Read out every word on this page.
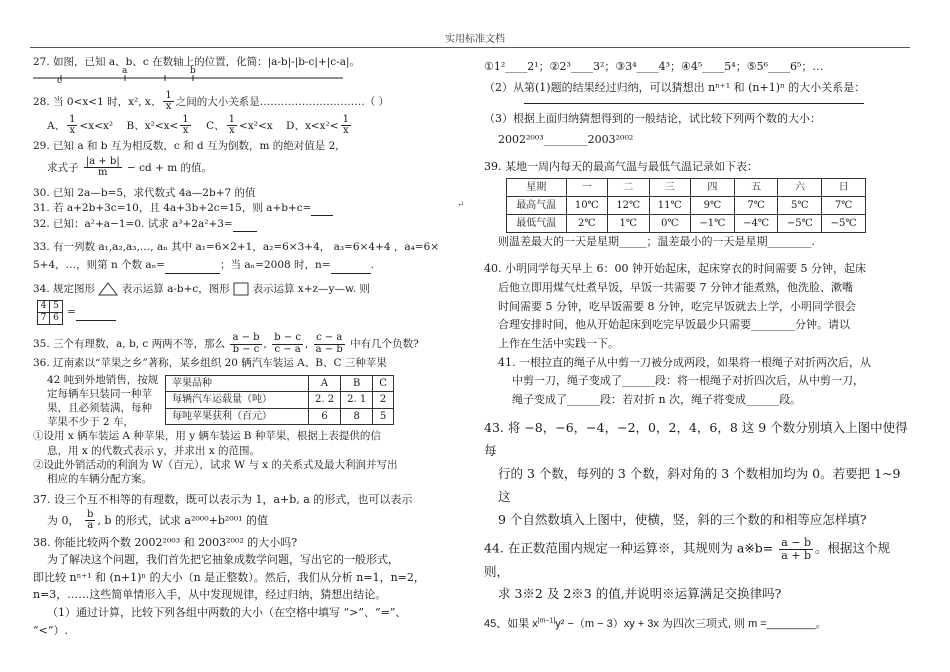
实用标准文档
27. 如图，已知 a、b、c 在数轴上的位置，化简：|a-b|-|b-c|+|c-a|。
c
a	b
28. 当 0<x<1 时，x², x、 $\frac{1}{x}$ 之间的大小关系是…………………………（ ）
A、 $\frac{1}{x} <x<x^2$ B、$x^2<x< \frac{1}{x}$ C、 $\frac{1}{x} <x^2<x$ D、$x<x^2< \frac{1}{x}$
29. 已知 a 和 b 互为相反数，c 和 d 互为倒数，m 的绝对值是 2,
求式子 $\frac{|a + b|}{m}$ − cd + m 的值。
30. 已知 2a—b=5，求代数式 4a—2b+7 的值
31. 若 a+2b+3c=10，且 4a+3b+2c=15，则 a+b+c=
32. 已知：a²+a−1=0. 试求 a³+2a²+3=
33. 有一列数 a₁,a₂,a₃,…, aₙ 其中 a₁=6×2+1，a₂=6×3+4， a₃=6×4+4 ，a₄=6×
5+4，…，则第 n 个数 aₙ=	；当 aₙ=2008 时，n=	.
34. 规定图形	表示运算 a-b+c，图形 表示运算 x+z—y—w. 则
4 5
7 6
=

35. 三个有理数，a, b, c 两两不等，那么 $\frac{a - b}{b - c}$ , $\frac{b - c}{c - a}$ , $\frac{c - a}{a - b}$ 中有几个负数?
36. 辽南素以“苹果之乡”著称，某乡组织 20 辆汽车装运 A、B、C 三种苹果
42 吨到外地销售，按规
定每辆车只装同一种苹
果，且必须装满，每种
苹果不少于 2 车，
苹果品种	A	B	C
每辆汽车运载量（吨）	2. 2	2. 1	2
每吨苹果获利（百元）	6	8	5
①设用 x 辆车装运 A 种苹果，用 y 辆车装运 B 种苹果，根据上表提供的信
息，用 x 的代数式表示 y，并求出 x 的范围。
②设此外销活动的利润为 W（百元），试求 W 与 x 的关系式及最大利润并写出
相应的车辆分配方案。
37. 设三个互不相等的有理数，既可以表示为 1，a+b, a 的形式，也可以表示
为 0， $\frac{b}{a}$ , b 的形式，试求 a²⁰⁰⁰+b²⁰⁰¹ 的值
38. 你能比较两个数 2002²⁰⁰³ 和 2003²⁰⁰² 的大小吗?
为了解决这个问题，我们首先把它抽象成数学问题，写出它的一般形式，
即比较 nⁿ⁺¹ 和 (n+1)ⁿ 的大小（n 是正整数）。然后，我们从分析 n=1，n=2，
n=3，……这些简单情形入手，从中发现规律，经过归纳，猜想出结论。
（1）通过计算，比较下列各组中两数的大小（在空格中填写 “>”、“=”、
“<”）.
①1²____2¹；②2³____3²；③3⁴____4³；④4⁵____5⁴；⑤5⁶____6⁵；…
（2）从第(1)题的结果经过归纳，可以猜想出 nⁿ⁺¹ 和 (n+1)ⁿ 的大小关系是：
（3）根据上面归纳猜想得到的一般结论，试比较下列两个数的大小：
2002²⁰⁰³________2003²⁰⁰²
39. 某地一周内每天的最高气温与最低气温记录如下表：
星期	一	二	三	四	五	六	日
最高气温	10℃	12℃	11℃	9℃	7℃	5℃	7℃
最低气温	2℃	1℃	0℃	−1℃	−4℃	−5℃	−5℃
则温差最大的一天是星期_____；温差最小的一天是星期________.
40. 小明同学每天早上 6：00 钟开始起床，起床穿衣的时间需要 5 分钟，起床
后他立即用煤气灶煮早饭，早饭一共需要 7 分钟才能煮熟，他洗脸、漱嘴
时间需要 5 分钟，吃早饭需要 8 分钟，吃完早饭就去上学，小明同学很会
合理安排时间，他从开始起床到吃完早饭最少只需要________分钟。请以
上作在生活中实践一下。
41. 一根拉直的绳子从中剪一刀被分成两段，如果将一根绳子对折两次后，从
中剪一刀，绳子变成了______段：将一根绳子对折四次后，从中剪一刀，
绳子变成了______段：若对折 n 次，绳子将变成______段。
43. 将 −8，−6，−4，−2，0，2，4，6，8 这 9 个数分别填入上图中使得每
行的 3 个数，每列的 3 个数，斜对角的 3 个数相加均为 0。若要把 1~9 这
9 个自然数填入上图中，使横，竖，斜的三个数的和相等应怎样填?
44. 在正数范围内规定一种运算※，其规则为 a※b= $\frac{a - b}{a + b}$ 。根据这个规则，
求 3※2 及 2※3 的值,并说明※运算满足交换律吗?
45、如果 $x^{|m-1|}y^2 -(m - 3)xy + 3x$ 为四次三项式, 则 m =________。
↵
